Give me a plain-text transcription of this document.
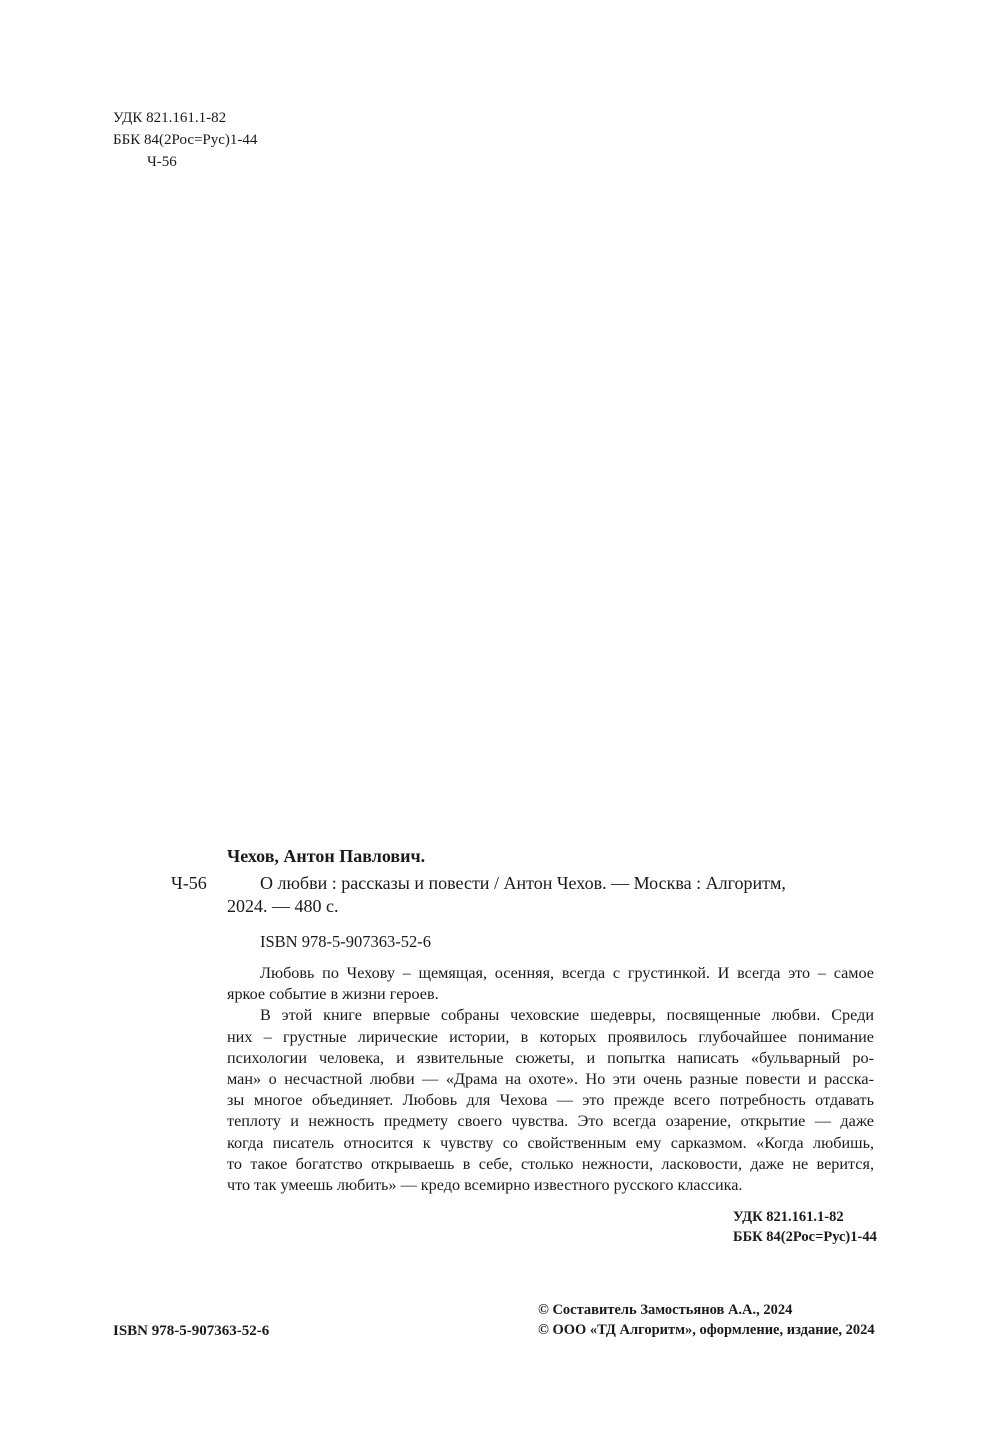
УДК 821.161.1-82
ББК 84(2Рос=Рус)1-44
Ч-56
Чехов, Антон Павлович.
Ч-56	О любви : рассказы и повести / Антон Чехов. — Москва : Алгоритм,
2024. — 480 с.
ISBN 978-5-907363-52-6
Любовь по Чехову – щемящая, осенняя, всегда с грустинкой. И всегда это – самое
яркое событие в жизни героев.
В этой книге впервые собраны чеховские шедевры, посвященные любви. Среди
них – грустные лирические истории, в которых проявилось глубочайшее понимание
психологии человека, и язвительные сюжеты, и попытка написать «бульварный ро-
ман» о несчастной любви — «Драма на охоте». Но эти очень разные повести и расска-
зы многое объединяет. Любовь для Чехова — это прежде всего потребность отдавать
теплоту и нежность предмету своего чувства. Это всегда озарение, открытие — даже
когда писатель относится к чувству со свойственным ему сарказмом. «Когда любишь,
то такое богатство открываешь в себе, столько нежности, ласковости, даже не верится,
что так умеешь любить» — кредо всемирно известного русского классика.
УДК 821.161.1-82
ББК 84(2Рос=Рус)1-44
ISBN 978-5-907363-52-6
© Составитель Замостьянов А.А., 2024
© ООО «ТД Алгоритм», оформление, издание, 2024
